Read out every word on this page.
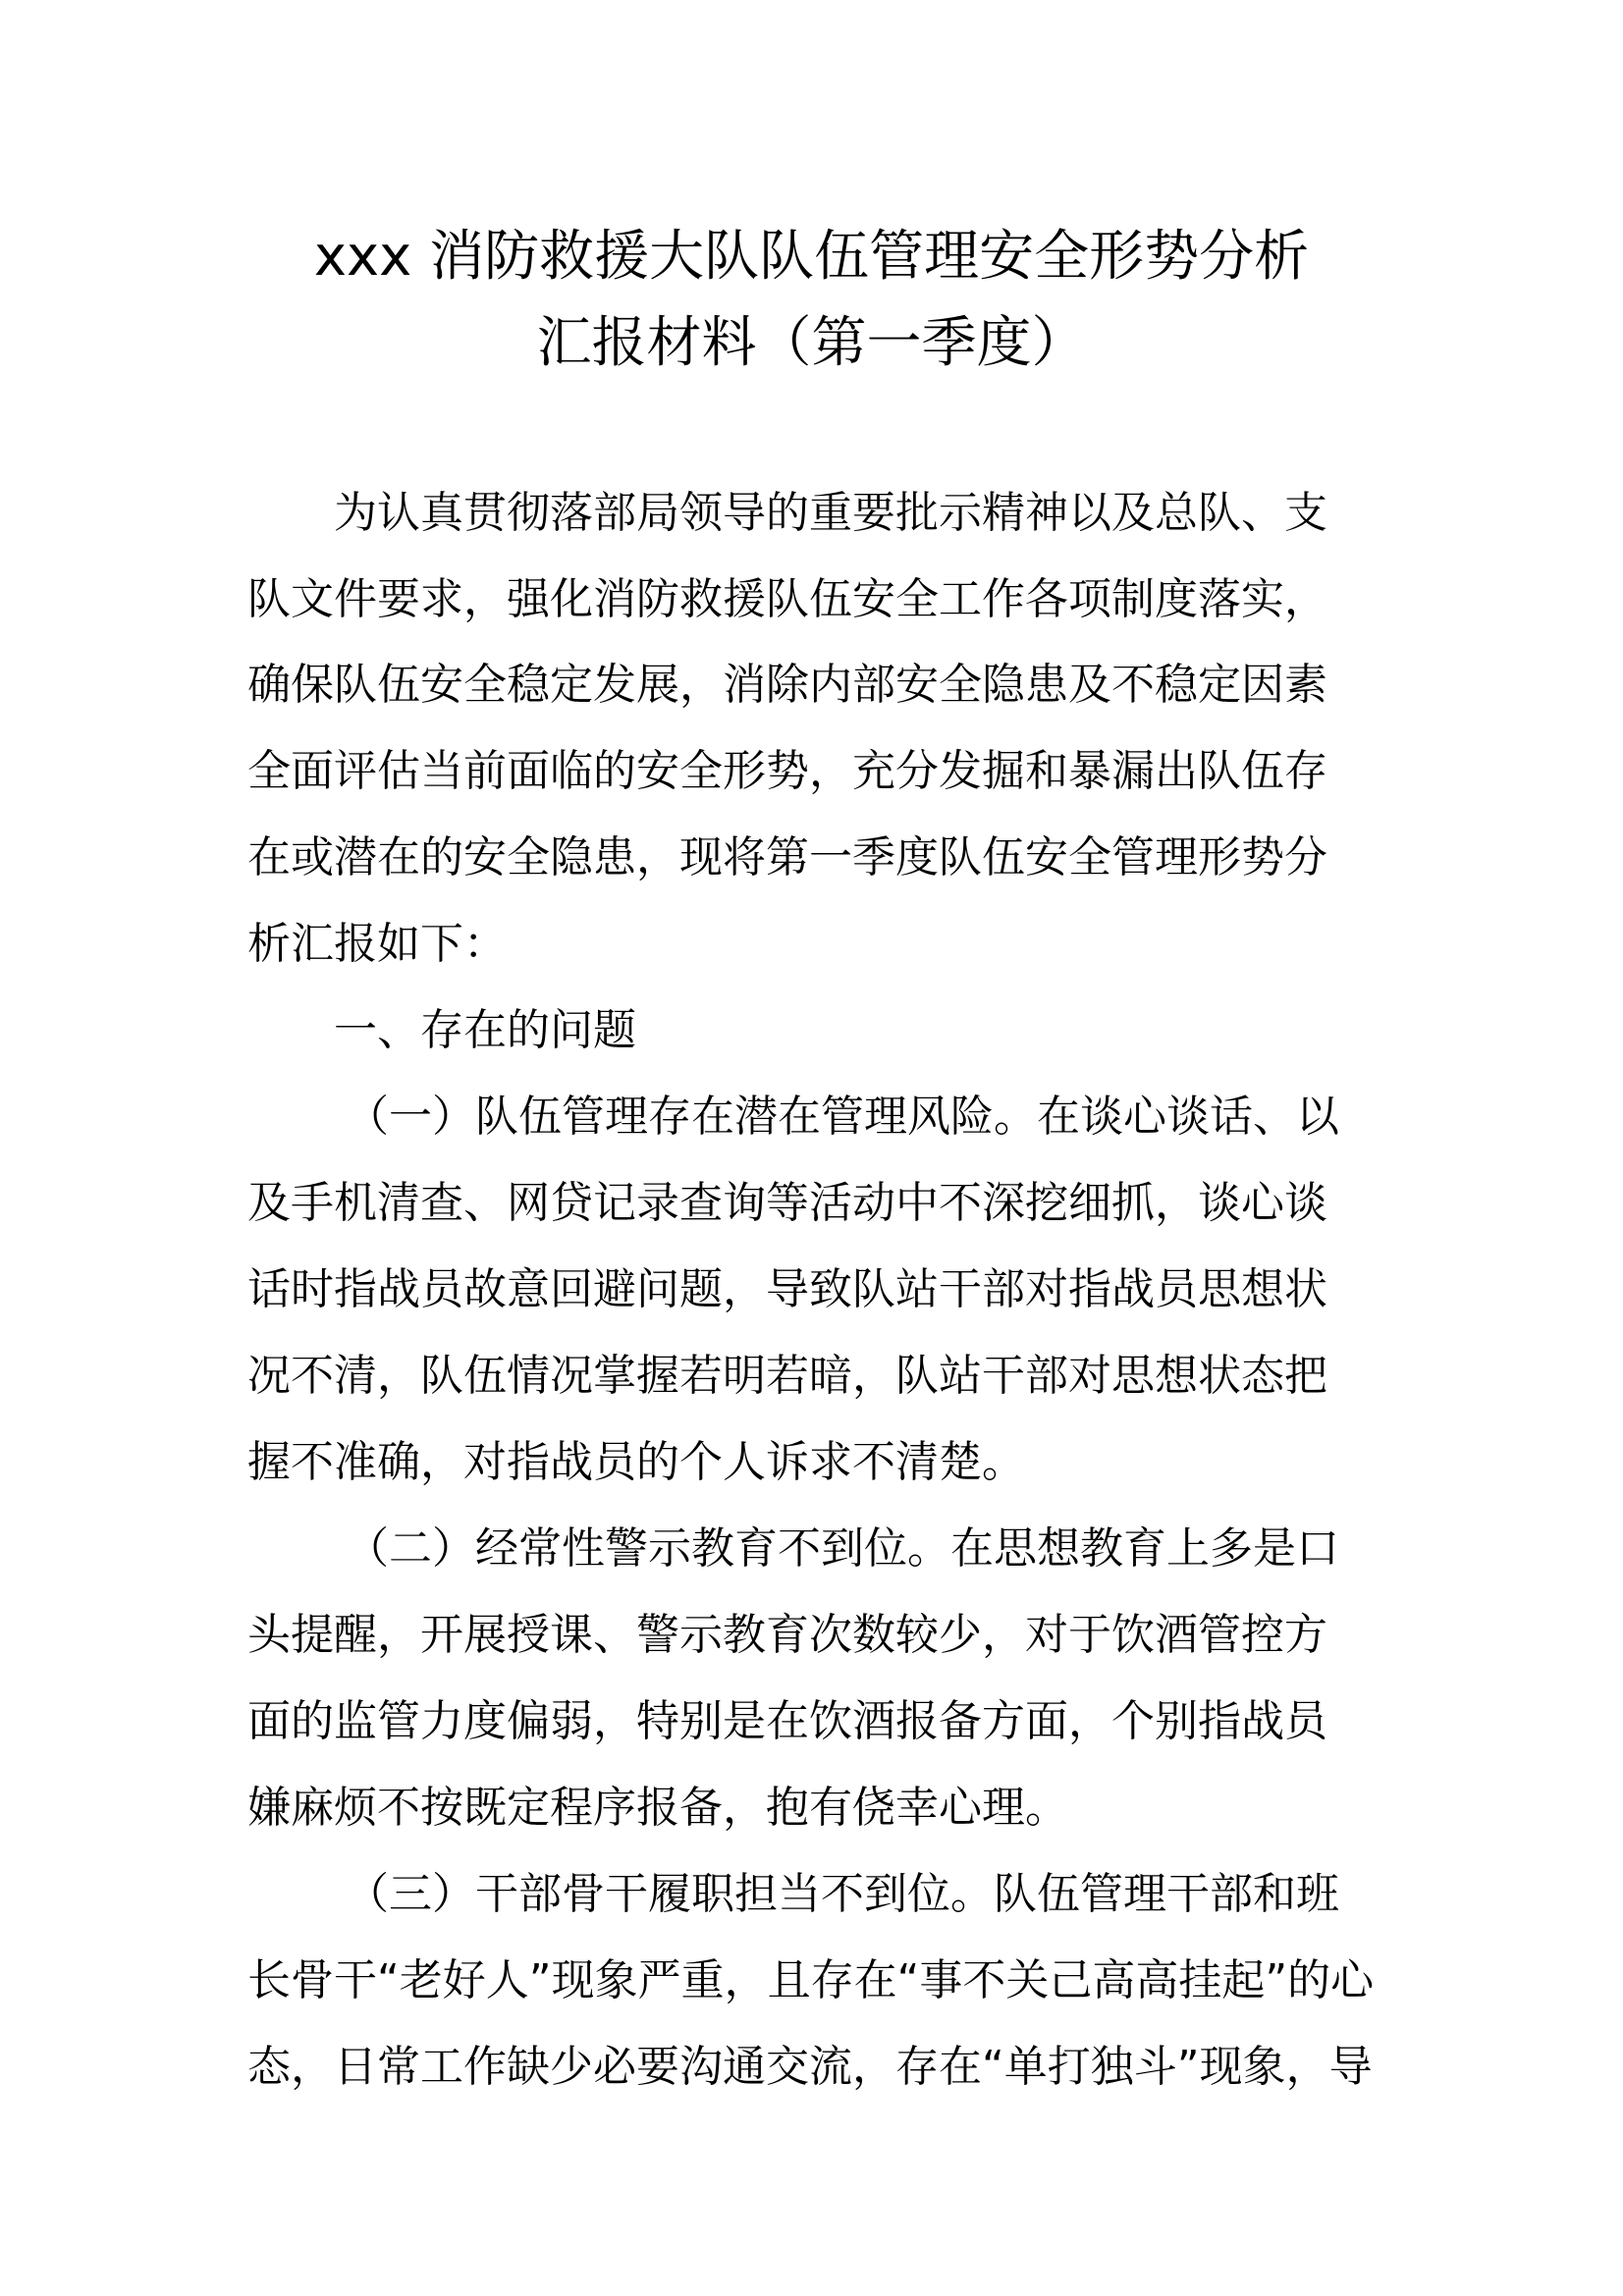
xxx 消防救援大队队伍管理安全形势分析
汇报材料（第一季度）

为认真贯彻落部局领导的重要批示精神以及总队、支

队文件要求，强化消防救援队伍安全工作各项制度落实，

确保队伍安全稳定发展，消除内部安全隐患及不稳定因素

全面评估当前面临的安全形势，充分发掘和暴漏出队伍存

在或潜在的安全隐患，现将第一季度队伍安全管理形势分

析汇报如下：

一、存在的问题

（一）队伍管理存在潜在管理风险。在谈心谈话、以

及手机清查、网贷记录查询等活动中不深挖细抓，谈心谈

话时指战员故意回避问题，导致队站干部对指战员思想状

况不清，队伍情况掌握若明若暗，队站干部对思想状态把

握不准确，对指战员的个人诉求不清楚。

（二）经常性警示教育不到位。在思想教育上多是口

头提醒，开展授课、警示教育次数较少，对于饮酒管控方

面的监管力度偏弱，特别是在饮酒报备方面，个别指战员

嫌麻烦不按既定程序报备，抱有侥幸心理。

（三）干部骨干履职担当不到位。队伍管理干部和班

长骨干“老好人”现象严重，且存在“事不关己高高挂起”的心

态，日常工作缺少必要沟通交流，存在“单打独斗”现象，导
